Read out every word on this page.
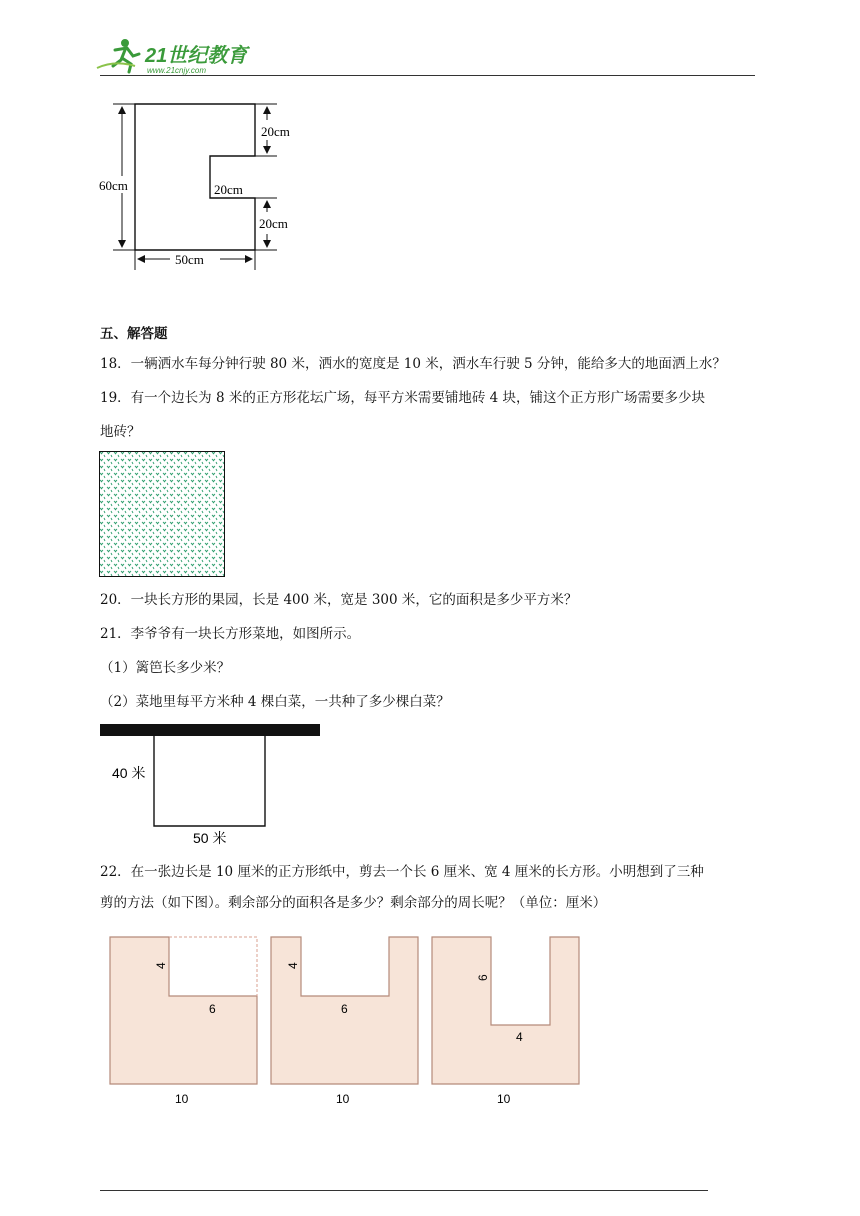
21世纪教育
www.21cnjy.com
60cm
50cm
20cm
20cm
20cm
五、解答题
18．一辆洒水车每分钟行驶 80 米，洒水的宽度是 10 米，洒水车行驶 5 分钟，能给多大的地面洒上水？
19．有一个边长为 8 米的正方形花坛广场，每平方米需要铺地砖 4 块，铺这个正方形广场需要多少块
地砖？
20．一块长方形的果园，长是 400 米，宽是 300 米，它的面积是多少平方米？
21．李爷爷有一块长方形菜地，如图所示。
（1）篱笆长多少米？
（2）菜地里每平方米种 4 棵白菜，一共种了多少棵白菜？
40 米
50 米
22．在一张边长是 10 厘米的正方形纸中，剪去一个长 6 厘米、宽 4 厘米的长方形。小明想到了三种
剪的方法（如下图）。剩余部分的面积各是多少？剩余部分的周长呢？（单位：厘米）
4
6
10
4
6
10
6
4
10
